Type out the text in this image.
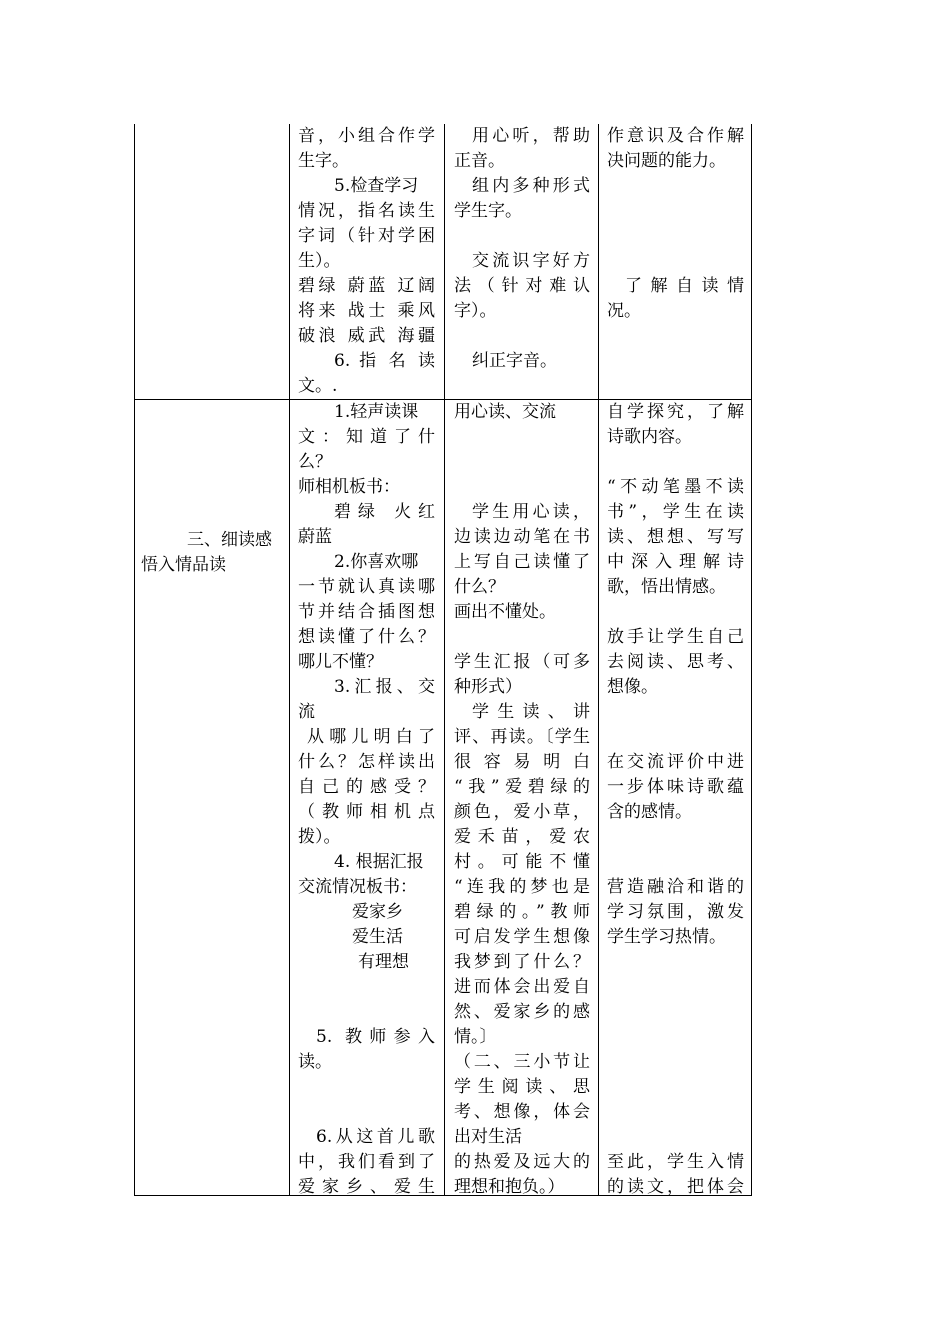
音，小组合作学
生字。
5.检查学习
情况，指名读生
字词（针对学困
生）。
碧绿 蔚蓝 辽阔
将来 战士 乘风
破浪 威武 海疆
6. 指 名 读
文。.
用心听，帮助
正音。
组内多种形式
学生字。
交流识字好方
法（针对难认
字）。
纠正字音。
作意识及合作解
决问题的能力。
了 解 自 读 情
况。
三、细读感
悟入情品读
1.轻声读课
文：知道了什
么？
师相机板书：
碧绿 火红
蔚蓝
2.你喜欢哪
一节就认真读哪
节并结合插图想
想读懂了什么？
哪儿不懂？
3.汇报、交
流
从哪儿明白了
什么？怎样读出
自己的感受？
（教师相机点
拨）。
4. 根据汇报
交流情况板书：
爱家乡
爱生活
有理想
5. 教师参入
读。
6.从这首儿歌
中，我们看到了
爱家乡、爱生
用心读、交流
学生用心读，
边读边动笔在书
上写自己读懂了
什么？
画出不懂处。
学生汇报（可多
种形式）
学生读、讲
评、再读。〔学生
很容易明白
“我”爱碧绿的
颜色，爱小草，
爱禾苗，爱农
村。可能不懂
“连我的梦也是
碧绿的。”教师
可启发学生想像
我梦到了什么？
进而体会出爱自
然、爱家乡的感
情。〕
（二、三小节让
学生阅读、思
考、想像，体会
出对生活
的热爱及远大的
理想和抱负。）
自学探究，了解
诗歌内容。
“不动笔墨不读
书”，学生在读
读、想想、写写
中深入理解诗
歌，悟出情感。
放手让学生自己
去阅读、思考、
想像。
在交流评价中进
一步体味诗歌蕴
含的感情。
营造融洽和谐的
学习氛围，激发
学生学习热情。
至此，学生入情
的读文，把体会
